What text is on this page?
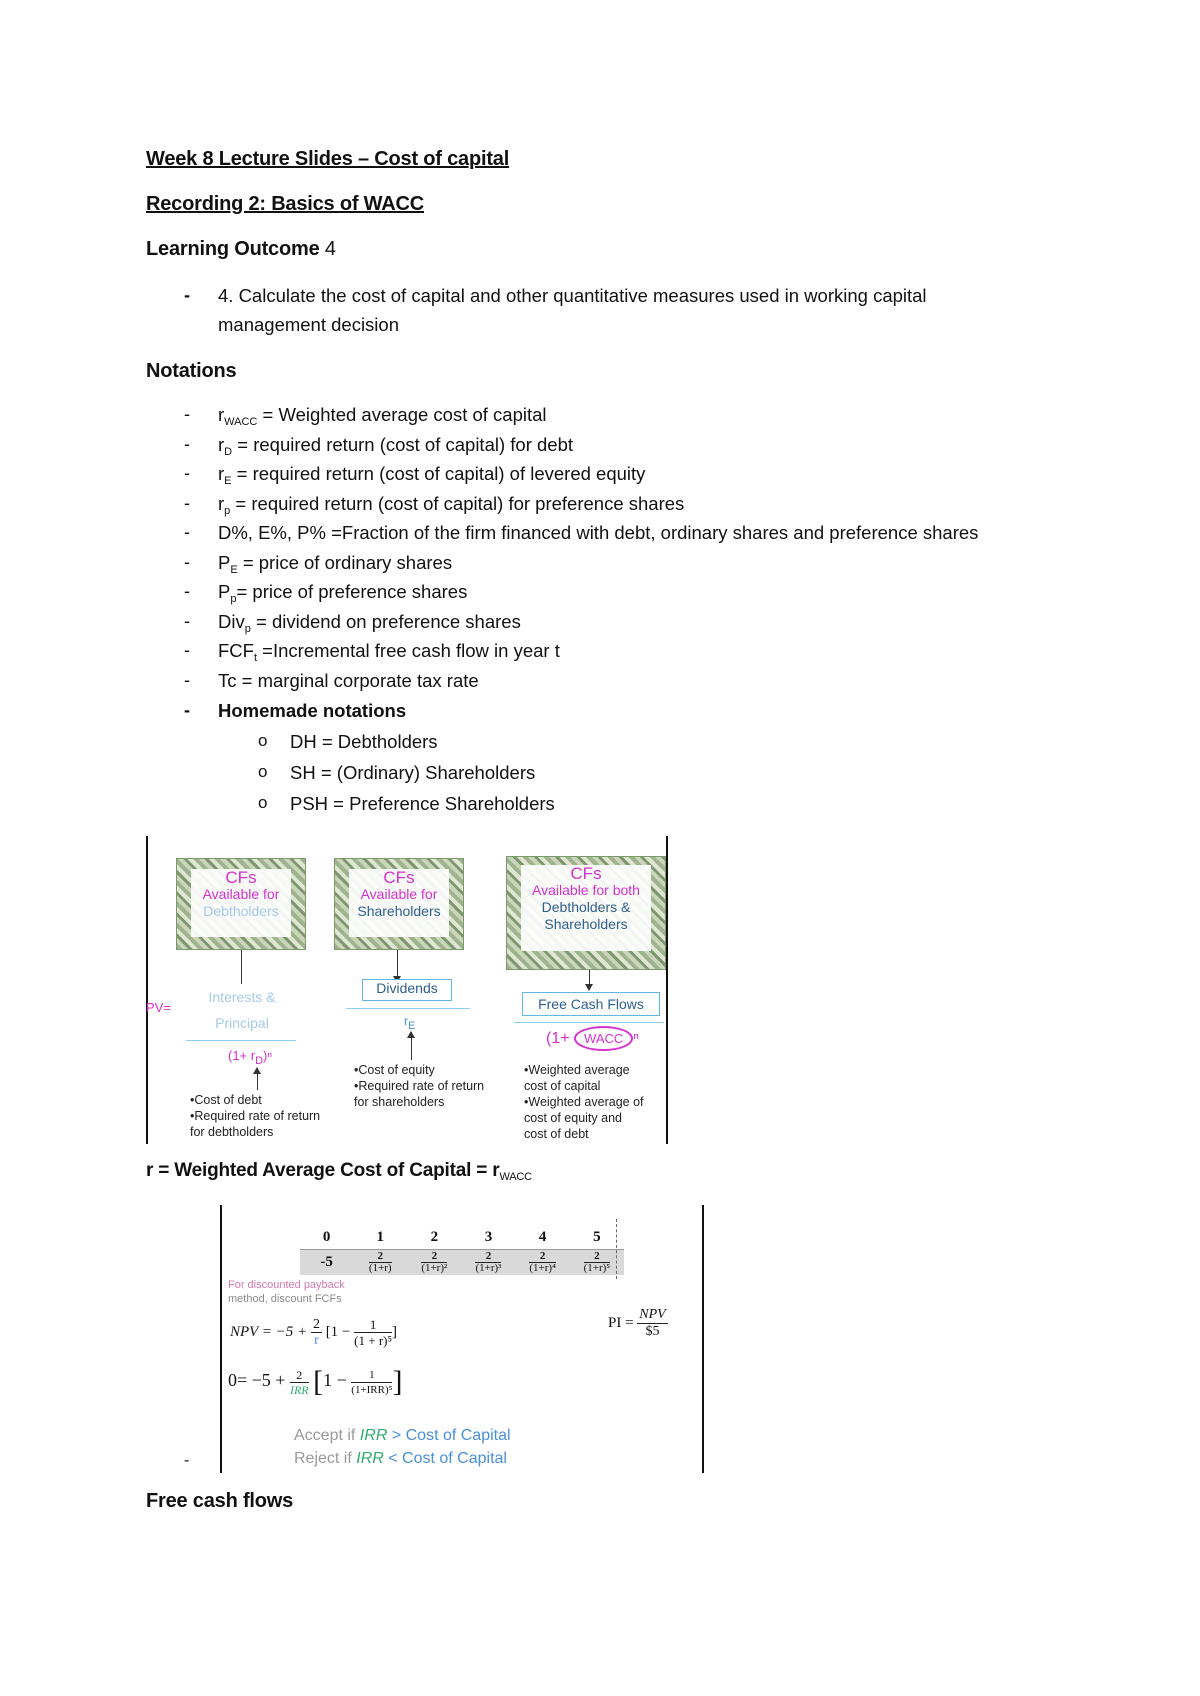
Week 8 Lecture Slides – Cost of capital

Recording 2: Basics of WACC

Learning Outcome 4

- 4. Calculate the cost of capital and other quantitative measures used in working capital
management decision

Notations

- $r_{WACC}$ = Weighted average cost of capital
- $r_D$ = required return (cost of capital) for debt
- $r_E$ = required return (cost of capital) of levered equity
- $r_p$ = required return (cost of capital) for preference shares
- D%, E%, P% =Fraction of the firm financed with debt, ordinary shares and preference shares
- $P_E$ = price of ordinary shares
- $P_p=$ price of preference shares
- Div$_p$ = dividend on preference shares
- $FCF_t$ =Incremental free cash flow in year t
- Tc = marginal corporate tax rate
- Homemade notations
o DH = Debtholders
o SH = (Ordinary) Shareholders
o PSH = Preference Shareholders
CFs
Available for
Debtholders
CFs
Available for
Shareholders
CFs
Available for both
Debtholders &
Shareholders
PV=
Interests &
Principal
Dividends
Free Cash Flows
$(1+ r_D)^n$
rE
(1+ WACC ⁿ
•Cost of debt
•Required rate of return
for debtholders
•Cost of equity
•Required rate of return
for shareholders
•Weighted average
cost of capital
•Weighted average of
cost of equity and
cost of debt

r = Weighted Average Cost of Capital = $r_{WACC}$

0	1	2	3	4	5
-5	$\frac{2}{(1+r)}$	$\frac{2}{\text{(1+r)²}}$	$\frac{2}{\text{(1+r)³}}$	$\frac{2}{\text{(1+r)⁴}}$	$\frac{2}{\text{(1+r)⁵}}$
For discounted payback
method, discount FCFs
PI = $\frac{\text{NPV}}{\$5}$
NPV = $-5 + \frac{2}{r} [1 - \frac{1}{\text{(1 + r)⁵}}]$
$0= -5 + \frac{2}{\text{IRR}} [1 - \frac{1}{\text{(1+IRR)⁵}}]$
Accept if IRR > Cost of Capital
Reject if IRR < Cost of Capital
-

Free cash flows
